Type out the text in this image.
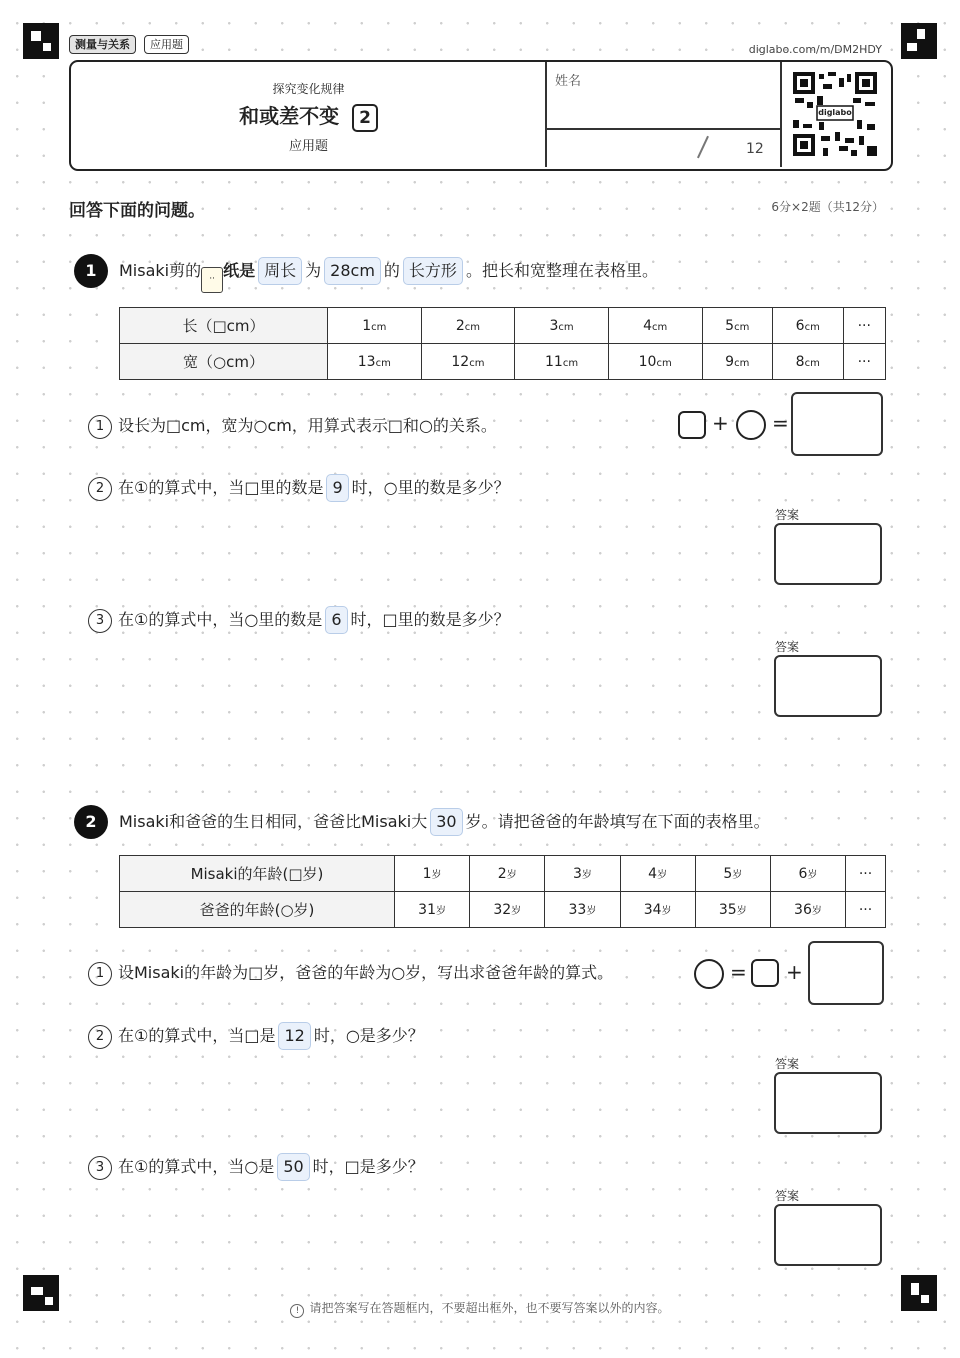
测量与关系	应用题	diglabo.com/m/DM2HDY
探究变化规律
和或差不变 2
应用题
姓名
12
diglabo
回答下面的问题。	6分×2题（共12分）
1	Misaki剪的 ·· 纸是 周长 为 28cm 的 长方形 。把长和宽整理在表格里。
长（□cm）	1cm	2cm	3cm	4cm	5cm	6cm	···
宽（○cm）	13cm	12cm	11cm	10cm	9cm	8cm	···
1 设长为□cm，宽为○cm，用算式表示□和○的关系。	+ =
2 在①的算式中，当□里的数是 9 时，○里的数是多少？
答案
3 在①的算式中，当○里的数是 6 时，□里的数是多少？
答案
2	Misaki和爸爸的生日相同，爸爸比Misaki大 30 岁。请把爸爸的年龄填写在下面的表格里。
Misaki的年龄(□岁)	1岁	2岁	3岁	4岁	5岁	6岁	···
爸爸的年龄(○岁)	31岁	32岁	33岁	34岁	35岁	36岁	···
1 设Misaki的年龄为□岁，爸爸的年龄为○岁，写出求爸爸年龄的算式。	= +
2 在①的算式中，当□是 12 时，○是多少？
答案
3 在①的算式中，当○是 50 时，□是多少？
答案
! 请把答案写在答题框内，不要超出框外，也不要写答案以外的内容。
